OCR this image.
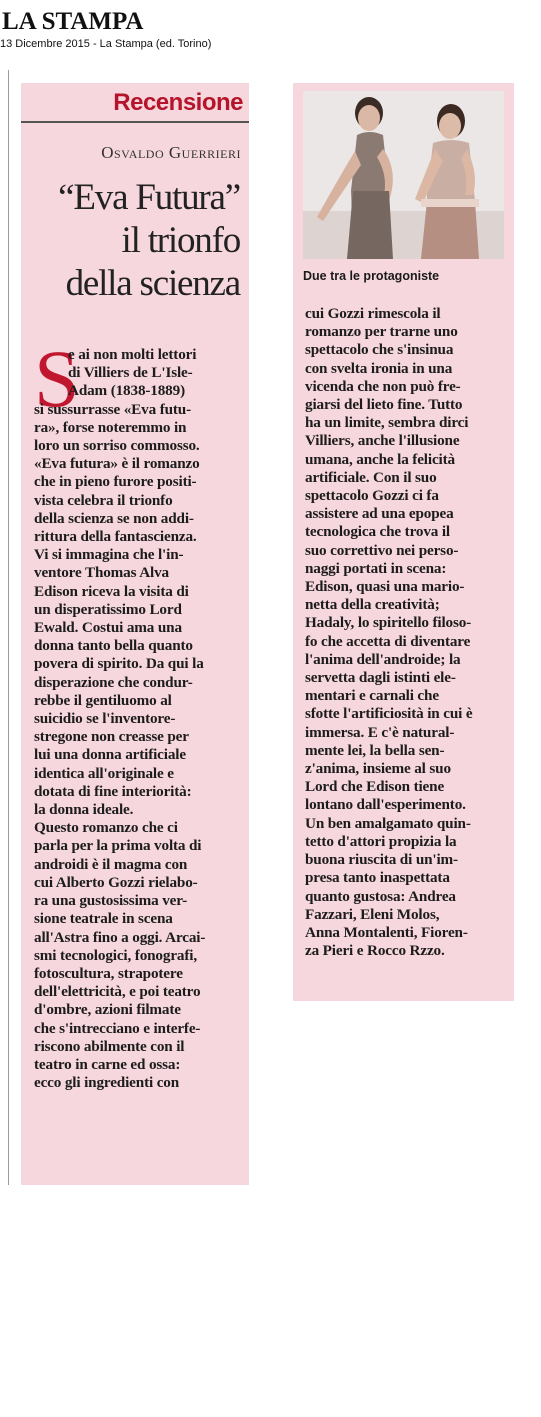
LA STAMPA
13 Dicembre 2015 - La Stampa (ed. Torino)
Recensione
Osvaldo Guerrieri
“Eva Futura”
il trionfo
della scienza
S
e ai non molti lettori
di Villiers de L'Isle-
Adam (1838-1889)
si sussurrasse «Eva futu-
ra», forse noteremmo in
loro un sorriso commosso.
«Eva futura» è il romanzo
che in pieno furore positi-
vista celebra il trionfo
della scienza se non addi-
rittura della fantascienza.
Vi si immagina che l'in-
ventore Thomas Alva
Edison riceva la visita di
un disperatissimo Lord
Ewald. Costui ama una
donna tanto bella quanto
povera di spirito. Da qui la
disperazione che condur-
rebbe il gentiluomo al
suicidio se l'inventore-
stregone non creasse per
lui una donna artificiale
identica all'originale e
dotata di fine interiorità:
la donna ideale.
Questo romanzo che ci
parla per la prima volta di
androidi è il magma con
cui Alberto Gozzi rielabo-
ra una gustosissima ver-
sione teatrale in scena
all'Astra fino a oggi. Arcai-
smi tecnologici, fonografi,
fotoscultura, strapotere
dell'elettricità, e poi teatro
d'ombre, azioni filmate
che s'intrecciano e interfe-
riscono abilmente con il
teatro in carne ed ossa:
ecco gli ingredienti con
Due tra le protagoniste
cui Gozzi rimescola il
romanzo per trarne uno
spettacolo che s'insinua
con svelta ironia in una
vicenda che non può fre-
giarsi del lieto fine. Tutto
ha un limite, sembra dirci
Villiers, anche l'illusione
umana, anche la felicità
artificiale. Con il suo
spettacolo Gozzi ci fa
assistere ad una epopea
tecnologica che trova il
suo correttivo nei perso-
naggi portati in scena:
Edison, quasi una mario-
netta della creatività;
Hadaly, lo spiritello filoso-
fo che accetta di diventare
l'anima dell'androide; la
servetta dagli istinti ele-
mentari e carnali che
sfotte l'artificiosità in cui è
immersa. E c'è natural-
mente lei, la bella sen-
z'anima, insieme al suo
Lord che Edison tiene
lontano dall'esperimento.
Un ben amalgamato quin-
tetto d'attori propizia la
buona riuscita di un'im-
presa tanto inaspettata
quanto gustosa: Andrea
Fazzari, Eleni Molos,
Anna Montalenti, Fioren-
za Pieri e Rocco Rzzo.
